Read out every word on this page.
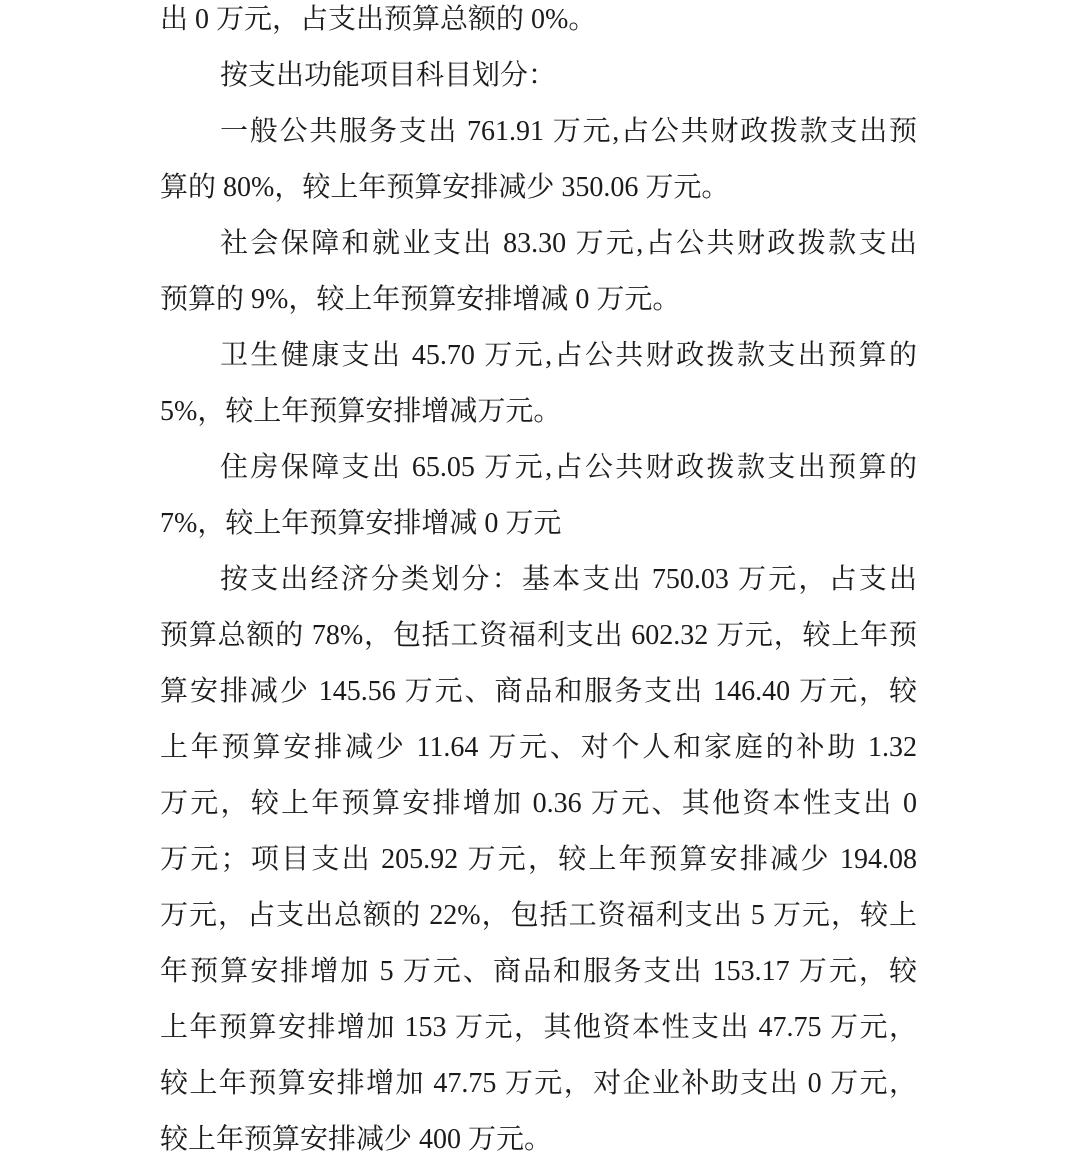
出 0 万元，占支出预算总额的 0%。
按支出功能项目科目划分：
一般公共服务支出 761.91 万元,占公共财政拨款支出预
算的 80%，较上年预算安排减少 350.06 万元。
社会保障和就业支出 83.30 万元,占公共财政拨款支出
预算的 9%，较上年预算安排增减 0 万元。
卫生健康支出 45.70 万元,占公共财政拨款支出预算的
5%，较上年预算安排增减万元。
住房保障支出 65.05 万元,占公共财政拨款支出预算的
7%，较上年预算安排增减 0 万元
按支出经济分类划分：基本支出 750.03 万元，占支出
预算总额的 78%，包括工资福利支出 602.32 万元，较上年预
算安排减少 145.56 万元、商品和服务支出 146.40 万元，较
上年预算安排减少 11.64 万元、对个人和家庭的补助 1.32
万元，较上年预算安排增加 0.36 万元、其他资本性支出 0
万元；项目支出 205.92 万元，较上年预算安排减少 194.08
万元，占支出总额的 22%，包括工资福利支出 5 万元，较上
年预算安排增加 5 万元、商品和服务支出 153.17 万元，较
上年预算安排增加 153 万元，其他资本性支出 47.75 万元，
较上年预算安排增加 47.75 万元，对企业补助支出 0 万元，
较上年预算安排减少 400 万元。
